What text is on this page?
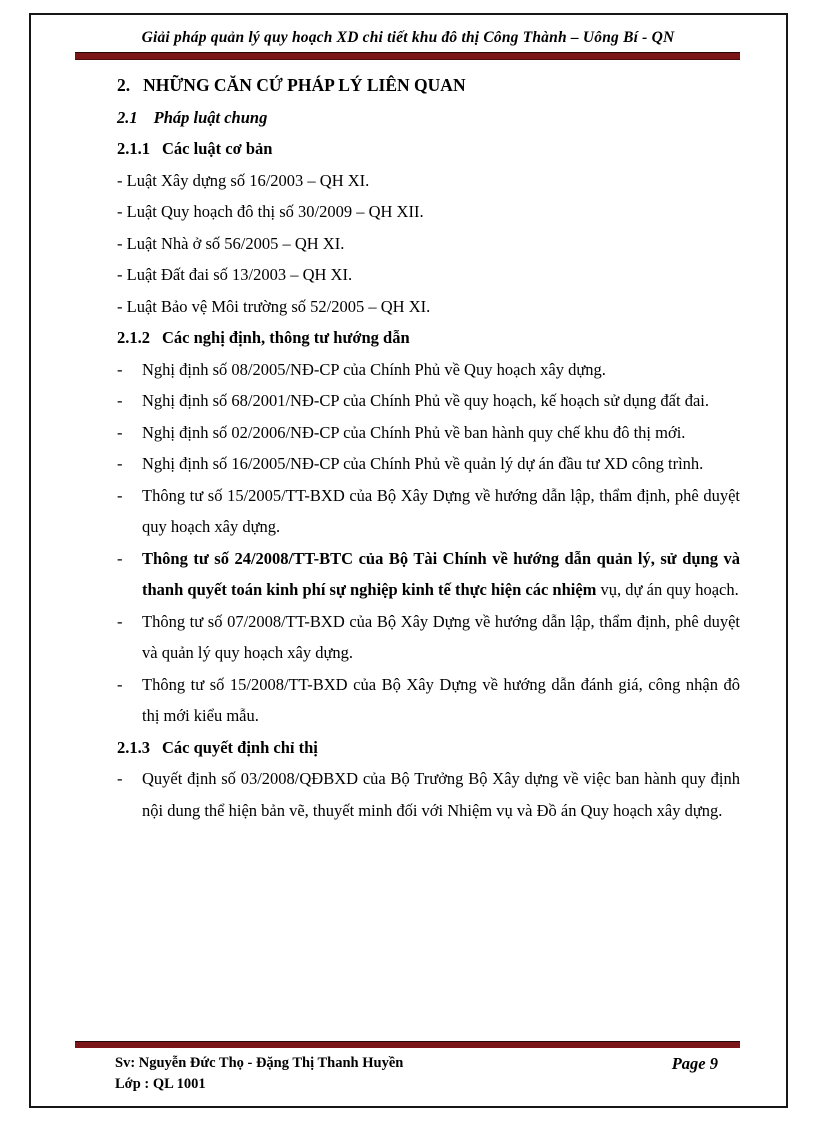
Giải pháp quản lý quy hoạch XD chi tiết khu đô thị Công Thành – Uông Bí - QN

2. NHỮNG CĂN CỨ PHÁP LÝ LIÊN QUAN

2.1 Pháp luật chung

2.1.1 Các luật cơ bản

- Luật Xây dựng số 16/2003 – QH XI.

- Luật Quy hoạch đô thị số 30/2009 – QH XII.

- Luật Nhà ở số 56/2005 – QH XI.

- Luật Đất đai số 13/2003 – QH XI.

- Luật Bảo vệ Môi trường số 52/2005 – QH XI.

2.1.2 Các nghị định, thông tư hướng dẫn

- Nghị định số 08/2005/NĐ-CP của Chính Phủ về Quy hoạch xây dựng.

- Nghị định số 68/2001/NĐ-CP của Chính Phủ về quy hoạch, kế hoạch sử dụng đất đai.

- Nghị định số 02/2006/NĐ-CP của Chính Phủ về ban hành quy chế khu đô thị mới.

- Nghị định số 16/2005/NĐ-CP của Chính Phủ về quản lý dự án đầu tư XD công trình.

- Thông tư số 15/2005/TT-BXD của Bộ Xây Dựng về hướng dẫn lập, thẩm định, phê duyệt quy hoạch xây dựng.

- Thông tư số 24/2008/TT-BTC của Bộ Tài Chính về hướng dẫn quản lý, sử dụng và thanh quyết toán kinh phí sự nghiệp kinh tế thực hiện các nhiệm vụ, dự án quy hoạch.

- Thông tư số 07/2008/TT-BXD của Bộ Xây Dựng về hướng dẫn lập, thẩm định, phê duyệt và quản lý quy hoạch xây dựng.

- Thông tư số 15/2008/TT-BXD của Bộ Xây Dựng về hướng dẫn đánh giá, công nhận đô thị mới kiểu mẫu.

2.1.3 Các quyết định chỉ thị

- Quyết định số 03/2008/QĐBXD của Bộ Trưởng Bộ Xây dựng về việc ban hành quy định nội dung thể hiện bản vẽ, thuyết minh đối với Nhiệm vụ và Đồ án Quy hoạch xây dựng.

Sv: Nguyễn Đức Thọ - Đặng Thị Thanh Huyền
Lớp : QL 1001
Page 9
